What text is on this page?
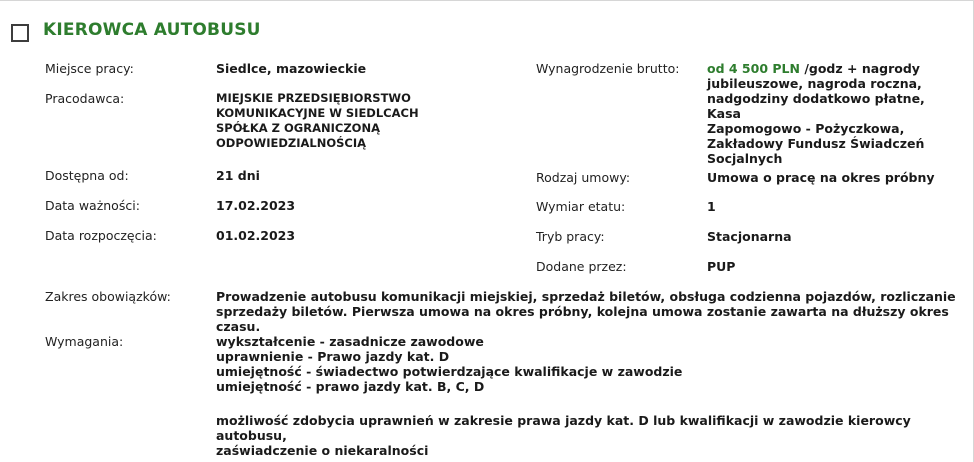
KIEROWCA AUTOBUSU
Miejsce pracy:	Siedlce, mazowieckie
Pracodawca:	MIEJSKIE PRZEDSIĘBIORSTWO
KOMUNIKACYJNE W SIEDLCACH
SPÓŁKA Z OGRANICZONĄ
ODPOWIEDZIALNOŚCIĄ
Dostępna od:	21 dni
Data ważności:	17.02.2023
Data rozpoczęcia:	01.02.2023
Wynagrodzenie brutto: od 4 500 PLN /godz + nagrody
jubileuszowe, nagroda roczna,
nadgodziny dodatkowo płatne, Kasa
Zapomogowo - Pożyczkowa,
Zakładowy Fundusz Świadczeń
Socjalnych
Rodzaj umowy:	Umowa o pracę na okres próbny
Wymiar etatu:	1
Tryb pracy:	Stacjonarna
Dodane przez:	PUP
Zakres obowiązków:	Prowadzenie autobusu komunikacji miejskiej, sprzedaż biletów, obsługa codzienna pojazdów, rozliczanie
sprzedaży biletów. Pierwsza umowa na okres próbny, kolejna umowa zostanie zawarta na dłuższy okres czasu.
Wymagania:	wykształcenie - zasadnicze zawodowe
uprawnienie - Prawo jazdy kat. D
umiejętność - świadectwo potwierdzające kwalifikacje w zawodzie
umiejętność - prawo jazdy kat. B, C, D
możliwość zdobycia uprawnień w zakresie prawa jazdy kat. D lub kwalifikacji w zawodzie kierowcy autobusu,
zaświadczenie o niekaralności
